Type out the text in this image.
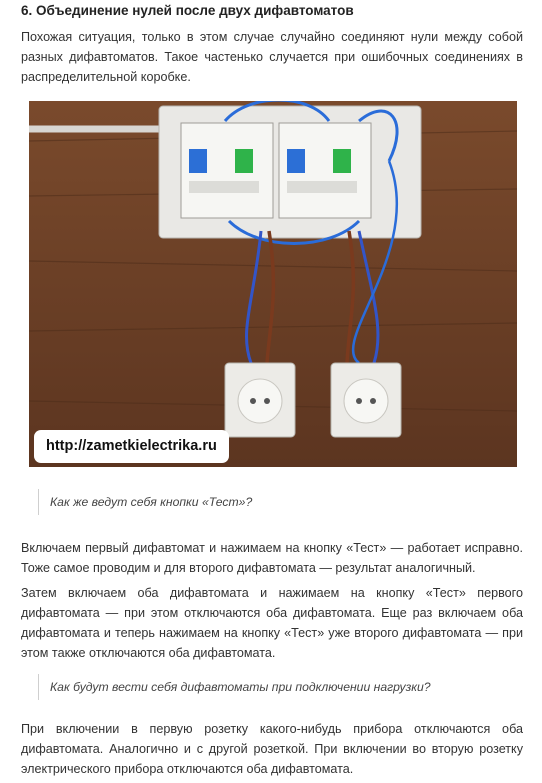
6. Объединение нулей после двух дифавтоматов

Похожая ситуация, только в этом случае случайно соединяют нули между собой разных дифавтоматов. Такое частенько случается при ошибочных соединениях в распределительной коробке.

http://zametkielectrika.ru
Как же ведут себя кнопки «Тест»?

Включаем первый дифавтомат и нажимаем на кнопку «Тест» — работает исправно. Тоже самое проводим и для второго дифавтомата — результат аналогичный.

Затем включаем оба дифавтомата и нажимаем на кнопку «Тест» первого дифавтомата — при этом отключаются оба дифавтомата. Еще раз включаем оба дифавтомата и теперь нажимаем на кнопку «Тест» уже второго дифавтомата — при этом также отключаются оба дифавтомата.

Как будут вести себя дифавтоматы при подключении нагрузки?

При включении в первую розетку какого-нибудь прибора отключаются оба дифавтомата. Аналогично и с другой розеткой. При включении во вторую розетку электрического прибора отключаются оба дифавтомата.
